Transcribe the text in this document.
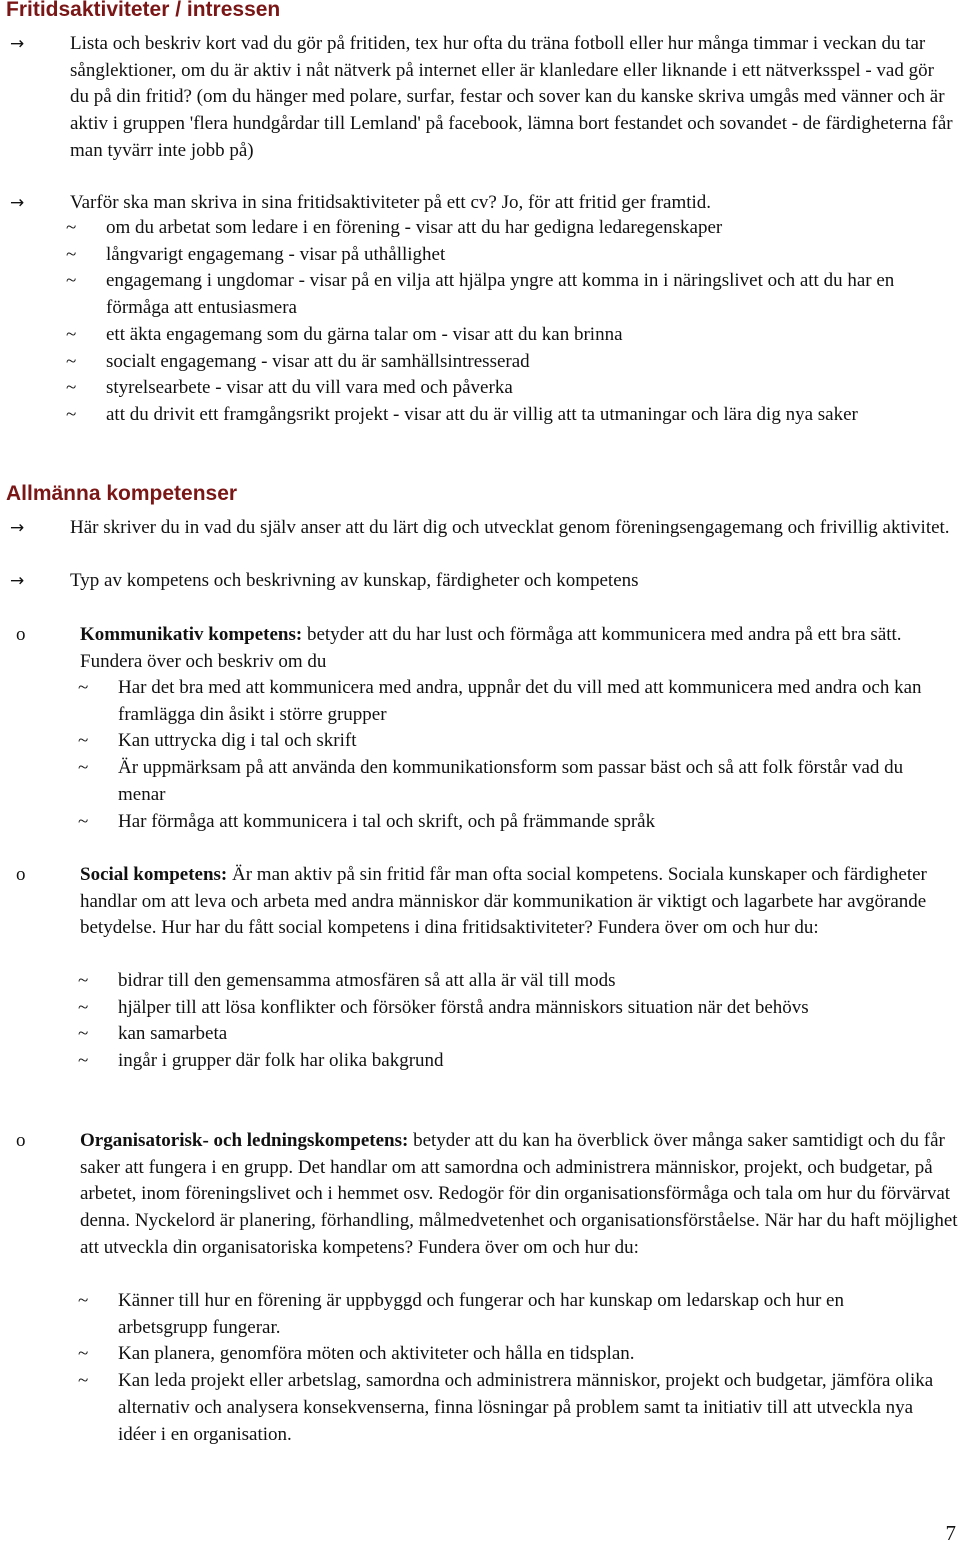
Fritidsaktiviteter / intressen
→	Lista och beskriv kort vad du gör på fritiden, tex hur ofta du träna fotboll eller hur många timmar i veckan du tar sånglektioner, om du är aktiv i nåt nätverk på internet eller är klanledare eller liknande i ett nätverksspel - vad gör du på din fritid? (om du hänger med polare, surfar, festar och sover kan du kanske skriva umgås med vänner och är aktiv i gruppen 'flera hundgårdar till Lemland' på facebook, lämna bort festandet och sovandet - de färdigheterna får man tyvärr inte jobb på)
→	Varför ska man skriva in sina fritidsaktiviteter på ett cv? Jo, för att fritid ger framtid.
~ om du arbetat som ledare i en förening - visar att du har gedigna ledaregenskaper
~ långvarigt engagemang - visar på uthållighet
~ engagemang i ungdomar - visar på en vilja att hjälpa yngre att komma in i näringslivet och att du har en förmåga att entusiasmera
~ ett äkta engagemang som du gärna talar om - visar att du kan brinna
~ socialt engagemang - visar att du är samhällsintresserad
~ styrelsearbete - visar att du vill vara med och påverka
~ att du drivit ett framgångsrikt projekt - visar att du är villig att ta utmaningar och lära dig nya saker
Allmänna kompetenser
→	Här skriver du in vad du själv anser att du lärt dig och utvecklat genom föreningsengagemang och frivillig aktivitet.
→	Typ av kompetens och beskrivning av kunskap, färdigheter och kompetens
o	Kommunikativ kompetens: betyder att du har lust och förmåga att kommunicera med andra på ett bra sätt. Fundera över och beskriv om du
~ Har det bra med att kommunicera med andra, uppnår det du vill med att kommunicera med andra och kan framlägga din åsikt i större grupper
~ Kan uttrycka dig i tal och skrift
~ Är uppmärksam på att använda den kommunikationsform som passar bäst och så att folk förstår vad du menar
~ Har förmåga att kommunicera i tal och skrift, och på främmande språk
o	Social kompetens: Är man aktiv på sin fritid får man ofta social kompetens. Sociala kunskaper och färdigheter handlar om att leva och arbeta med andra människor där kommunikation är viktigt och lagarbete har avgörande betydelse. Hur har du fått social kompetens i dina fritidsaktiviteter? Fundera över om och hur du:
~ bidrar till den gemensamma atmosfären så att alla är väl till mods
~ hjälper till att lösa konflikter och försöker förstå andra människors situation när det behövs
~ kan samarbeta
~ ingår i grupper där folk har olika bakgrund
o	Organisatorisk- och ledningskompetens: betyder att du kan ha överblick över många saker samtidigt och du får saker att fungera i en grupp. Det handlar om att samordna och administrera människor, projekt, och budgetar, på arbetet, inom föreningslivet och i hemmet osv. Redogör för din organisationsförmåga och tala om hur du förvärvat denna. Nyckelord är planering, förhandling, målmedvetenhet och organisationsförståelse. När har du haft möjlighet att utveckla din organisatoriska kompetens? Fundera över om och hur du:
~ Känner till hur en förening är uppbyggd och fungerar och har kunskap om ledarskap och hur en arbetsgrupp fungerar.
~ Kan planera, genomföra möten och aktiviteter och hålla en tidsplan.
~ Kan leda projekt eller arbetslag, samordna och administrera människor, projekt och budgetar, jämföra olika alternativ och analysera konsekvenserna, finna lösningar på problem samt ta initiativ till att utveckla nya idéer i en organisation.
7
